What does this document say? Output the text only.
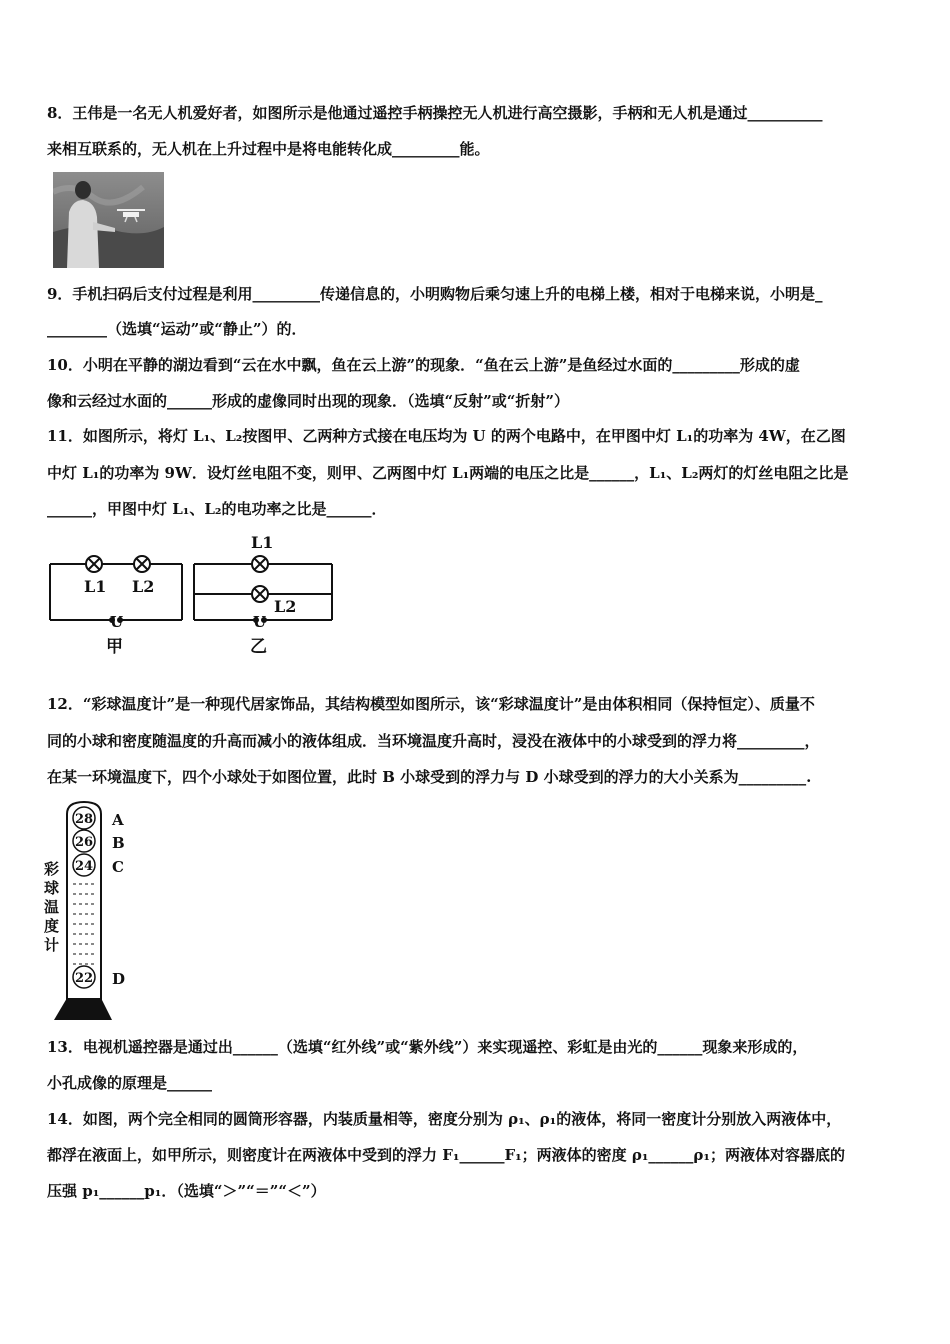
8．王伟是一名无人机爱好者，如图所示是他通过遥控手柄操控无人机进行高空摄影，手柄和无人机是通过__________
来相互联系的，无人机在上升过程中是将电能转化成_________能。
9．手机扫码后支付过程是利用_________传递信息的，小明购物后乘匀速上升的电梯上楼，相对于电梯来说，小明是_
________（选填“运动”或“静止”）的．
10．小明在平静的湖边看到“云在水中飘，鱼在云上游”的现象．“鱼在云上游”是鱼经过水面的_________形成的虚
像和云经过水面的______形成的虚像同时出现的现象．（选填“反射”或“折射”）
11．如图所示，将灯 L₁、L₂按图甲、乙两种方式接在电压均为 U 的两个电路中，在甲图中灯 L₁的功率为 4W，在乙图
中灯 L₁的功率为 9W．设灯丝电阻不变，则甲、乙两图中灯 L₁两端的电压之比是______，L₁、L₂两灯的灯丝电阻之比是
______，甲图中灯 L₁、L₂的电功率之比是______．
L1 L2
U
甲
L1
L2
U
乙
12．“彩球温度计”是一种现代居家饰品，其结构模型如图所示，该“彩球温度计”是由体积相同（保持恒定）、质量不
同的小球和密度随温度的升高而减小的液体组成．当环境温度升高时，浸没在液体中的小球受到的浮力将_________，
在某一环境温度下，四个小球处于如图位置，此时 B 小球受到的浮力与 D 小球受到的浮力的大小关系为_________.
28
26
24
22
A
B
C
D
彩
球
温
度
计
13．电视机遥控器是通过出______（选填“红外线”或“紫外线”）来实现遥控、彩虹是由光的______现象来形成的，
小孔成像的原理是______
14．如图，两个完全相同的圆筒形容器，内装质量相等，密度分别为 ρ₁、ρ₁的液体，将同一密度计分别放入两液体中，
都浮在液面上，如甲所示，则密度计在两液体中受到的浮力 F₁______F₁；两液体的密度 ρ₁______ρ₁；两液体对容器底的
压强 p₁______p₁．（选填“＞”“＝”“＜”）
